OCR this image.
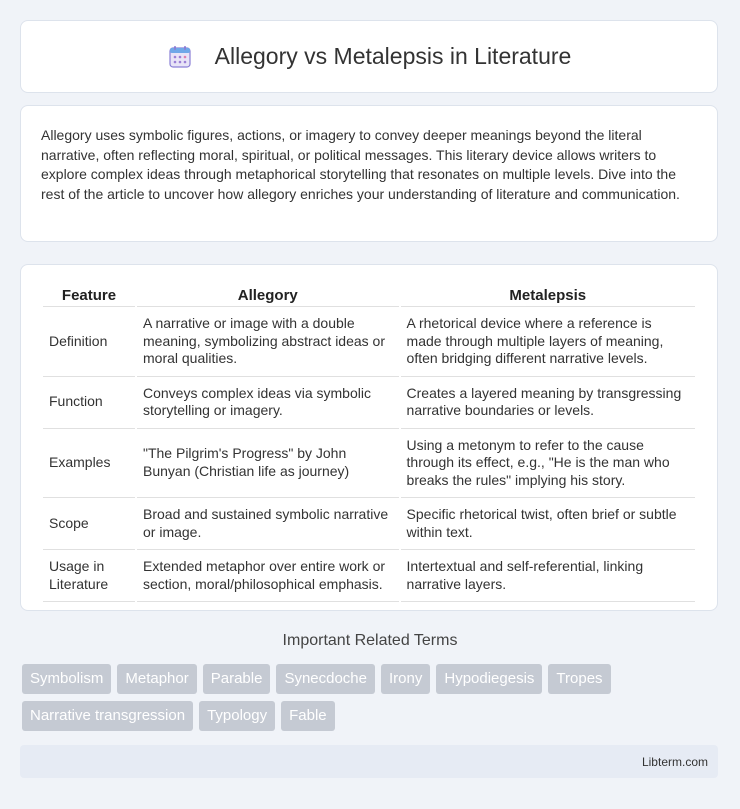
Allegory vs Metalepsis in Literature

Allegory uses symbolic figures, actions, or imagery to convey deeper meanings beyond the literal narrative, often reflecting moral, spiritual, or political messages. This literary device allows writers to explore complex ideas through metaphorical storytelling that resonates on multiple levels. Dive into the rest of the article to uncover how allegory enriches your understanding of literature and communication.

Feature	Allegory	Metalepsis
Definition	A narrative or image with a double meaning, symbolizing abstract ideas or moral qualities.	A rhetorical device where a reference is made through multiple layers of meaning, often bridging different narrative levels.
Function	Conveys complex ideas via symbolic storytelling or imagery.	Creates a layered meaning by transgressing narrative boundaries or levels.
Examples	"The Pilgrim's Progress" by John Bunyan (Christian life as journey)	Using a metonym to refer to the cause through its effect, e.g., "He is the man who breaks the rules" implying his story.
Scope	Broad and sustained symbolic narrative or image.	Specific rhetorical twist, often brief or subtle within text.
Usage in Literature	Extended metaphor over entire work or section, moral/philosophical emphasis.	Intertextual and self-referential, linking narrative layers.
Important Related Terms
Symbolism	Metaphor	Parable	Synecdoche	Irony	Hypodiegesis	Tropes
Narrative transgression	Typology	Fable
Libterm.com
